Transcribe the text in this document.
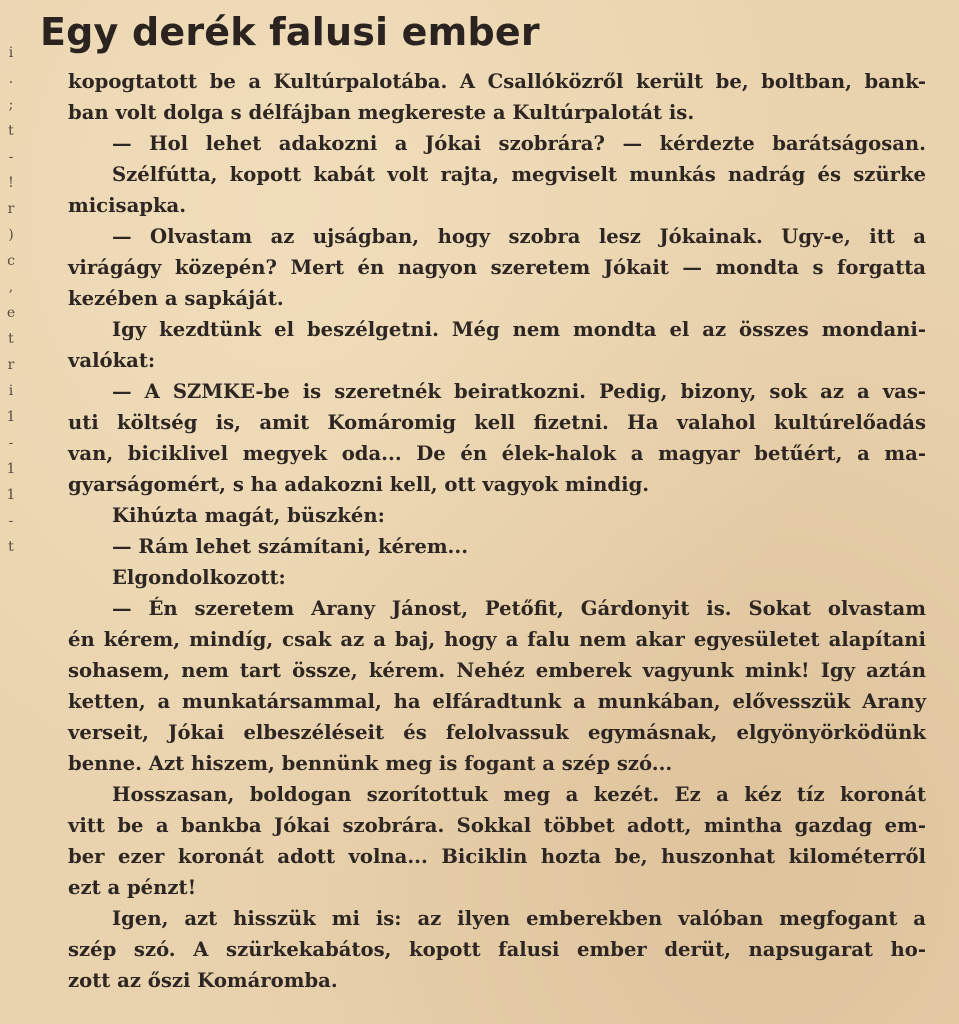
i
.
;
t
-
!
r
)
c
,
e
t
r
i
1
-
1
1
-
t
Egy derék falusi ember
kopogtatott be a Kultúrpalotába. A Csallóközről került be, boltban, bank-
ban volt dolga s délfájban megkereste a Kultúrpalotát is.
— Hol lehet adakozni a Jókai szobrára? — kérdezte barátságosan.
Szélfútta, kopott kabát volt rajta, megviselt munkás nadrág és szürke
micisapka.
— Olvastam az ujságban, hogy szobra lesz Jókainak. Ugy-e, itt a
virágágy közepén? Mert én nagyon szeretem Jókait — mondta s forgatta
kezében a sapkáját.
Igy kezdtünk el beszélgetni. Még nem mondta el az összes mondani-
valókat:
— A SZMKE-be is szeretnék beiratkozni. Pedig, bizony, sok az a vas-
uti költség is, amit Komáromig kell fizetni. Ha valahol kultúrelőadás
van, biciklivel megyek oda... De én élek-halok a magyar betűért, a ma-
gyarságomért, s ha adakozni kell, ott vagyok mindig.
Kihúzta magát, büszkén:
— Rám lehet számítani, kérem...
Elgondolkozott:
— Én szeretem Arany Jánost, Petőfit, Gárdonyit is. Sokat olvastam
én kérem, mindíg, csak az a baj, hogy a falu nem akar egyesületet alapítani
sohasem, nem tart össze, kérem. Nehéz emberek vagyunk mink! Igy aztán
ketten, a munkatársammal, ha elfáradtunk a munkában, elővesszük Arany
verseit, Jókai elbeszéléseit és felolvassuk egymásnak, elgyönyörködünk
benne. Azt hiszem, bennünk meg is fogant a szép szó...
Hosszasan, boldogan szorítottuk meg a kezét. Ez a kéz tíz koronát
vitt be a bankba Jókai szobrára. Sokkal többet adott, mintha gazdag em-
ber ezer koronát adott volna... Biciklin hozta be, huszonhat kilométerről
ezt a pénzt!
Igen, azt hisszük mi is: az ilyen emberekben valóban megfogant a
szép szó. A szürkekabátos, kopott falusi ember derüt, napsugarat ho-
zott az őszi Komáromba.
